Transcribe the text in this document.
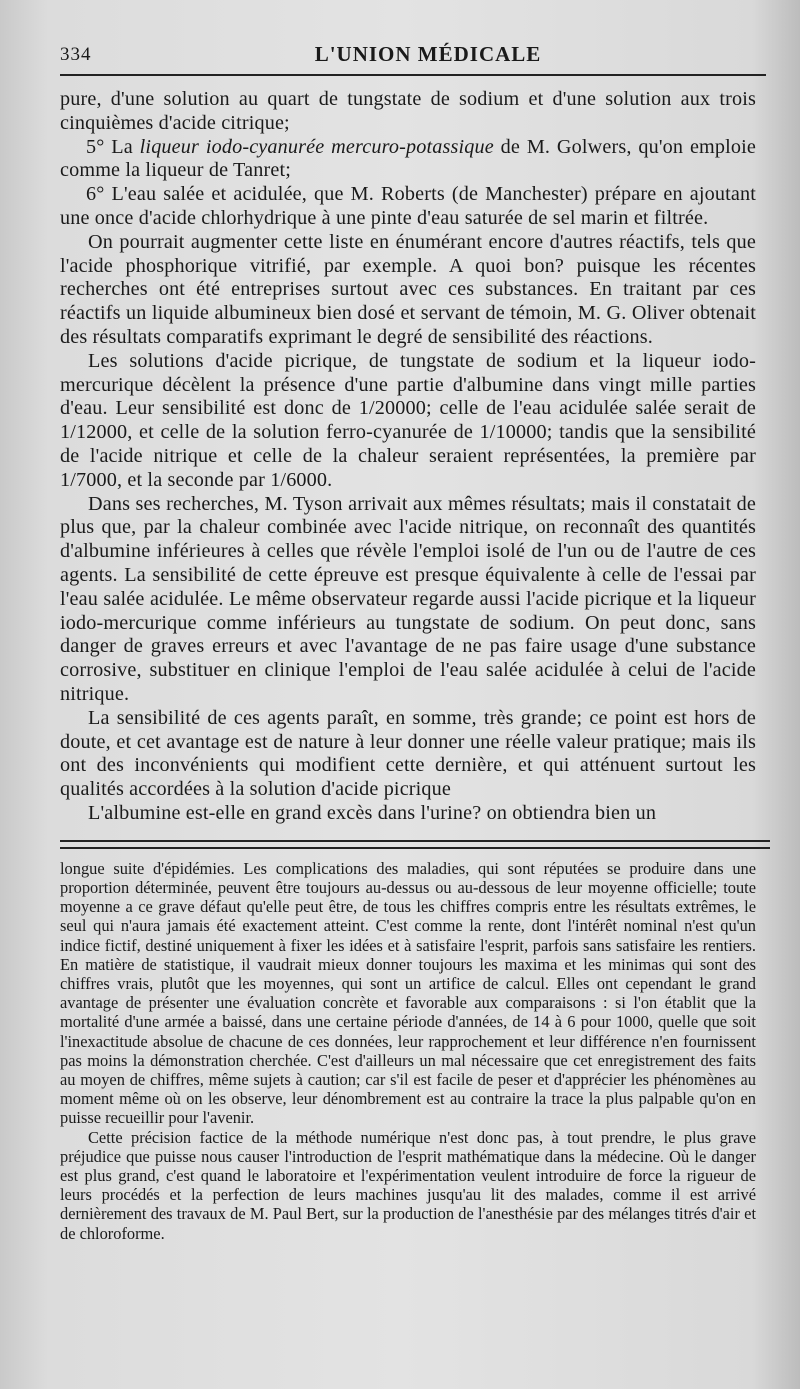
334	L'UNION MÉDICALE

pure, d'une solution au quart de tungstate de sodium et d'une solution aux trois cinquièmes d'acide citrique;

5° La liqueur iodo-cyanurée mercuro-potassique de M. Golwers, qu'on emploie comme la liqueur de Tanret;

6° L'eau salée et acidulée, que M. Roberts (de Manchester) prépare en ajoutant une once d'acide chlorhydrique à une pinte d'eau saturée de sel marin et filtrée.

On pourrait augmenter cette liste en énumérant encore d'autres réactifs, tels que l'acide phosphorique vitrifié, par exemple. A quoi bon? puisque les récentes recherches ont été entreprises surtout avec ces substances. En traitant par ces réactifs un liquide albumineux bien dosé et servant de témoin, M. G. Oliver obtenait des résultats comparatifs exprimant le degré de sensibilité des réactions.

Les solutions d'acide picrique, de tungstate de sodium et la liqueur iodo-mercurique décèlent la présence d'une partie d'albumine dans vingt mille parties d'eau. Leur sensibilité est donc de 1/20000; celle de l'eau acidulée salée serait de 1/12000, et celle de la solution ferro-cyanurée de 1/10000; tandis que la sensibilité de l'acide nitrique et celle de la chaleur seraient représentées, la première par 1/7000, et la seconde par 1/6000.

Dans ses recherches, M. Tyson arrivait aux mêmes résultats; mais il constatait de plus que, par la chaleur combinée avec l'acide nitrique, on reconnaît des quantités d'albumine inférieures à celles que révèle l'emploi isolé de l'un ou de l'autre de ces agents. La sensibilité de cette épreuve est presque équivalente à celle de l'essai par l'eau salée acidulée. Le même observateur regarde aussi l'acide picrique et la liqueur iodo-mercurique comme inférieurs au tungstate de sodium. On peut donc, sans danger de graves erreurs et avec l'avantage de ne pas faire usage d'une substance corrosive, substituer en clinique l'emploi de l'eau salée acidulée à celui de l'acide nitrique.

La sensibilité de ces agents paraît, en somme, très grande; ce point est hors de doute, et cet avantage est de nature à leur donner une réelle valeur pratique; mais ils ont des inconvénients qui modifient cette dernière, et qui atténuent surtout les qualités accordées à la solution d'acide picrique

L'albumine est-elle en grand excès dans l'urine? on obtiendra bien un

longue suite d'épidémies. Les complications des maladies, qui sont réputées se produire dans une proportion déterminée, peuvent être toujours au-dessus ou au-dessous de leur moyenne officielle; toute moyenne a ce grave défaut qu'elle peut être, de tous les chiffres compris entre les résultats extrêmes, le seul qui n'aura jamais été exactement atteint. C'est comme la rente, dont l'intérêt nominal n'est qu'un indice fictif, destiné uniquement à fixer les idées et à satisfaire l'esprit, parfois sans satisfaire les rentiers. En matière de statistique, il vaudrait mieux donner toujours les maxima et les minimas qui sont des chiffres vrais, plutôt que les moyennes, qui sont un artifice de calcul. Elles ont cependant le grand avantage de présenter une évaluation concrète et favorable aux comparaisons : si l'on établit que la mortalité d'une armée a baissé, dans une certaine période d'années, de 14 à 6 pour 1000, quelle que soit l'inexactitude absolue de chacune de ces données, leur rapprochement et leur différence n'en fournissent pas moins la démonstration cherchée. C'est d'ailleurs un mal nécessaire que cet enregistrement des faits au moyen de chiffres, même sujets à caution; car s'il est facile de peser et d'apprécier les phénomènes au moment même où on les observe, leur dénombrement est au contraire la trace la plus palpable qu'on en puisse recueillir pour l'avenir.

Cette précision factice de la méthode numérique n'est donc pas, à tout prendre, le plus grave préjudice que puisse nous causer l'introduction de l'esprit mathématique dans la médecine. Où le danger est plus grand, c'est quand le laboratoire et l'expérimentation veulent introduire de force la rigueur de leurs procédés et la perfection de leurs machines jusqu'au lit des malades, comme il est arrivé dernièrement des travaux de M. Paul Bert, sur la production de l'anesthésie par des mélanges titrés d'air et de chloroforme.
